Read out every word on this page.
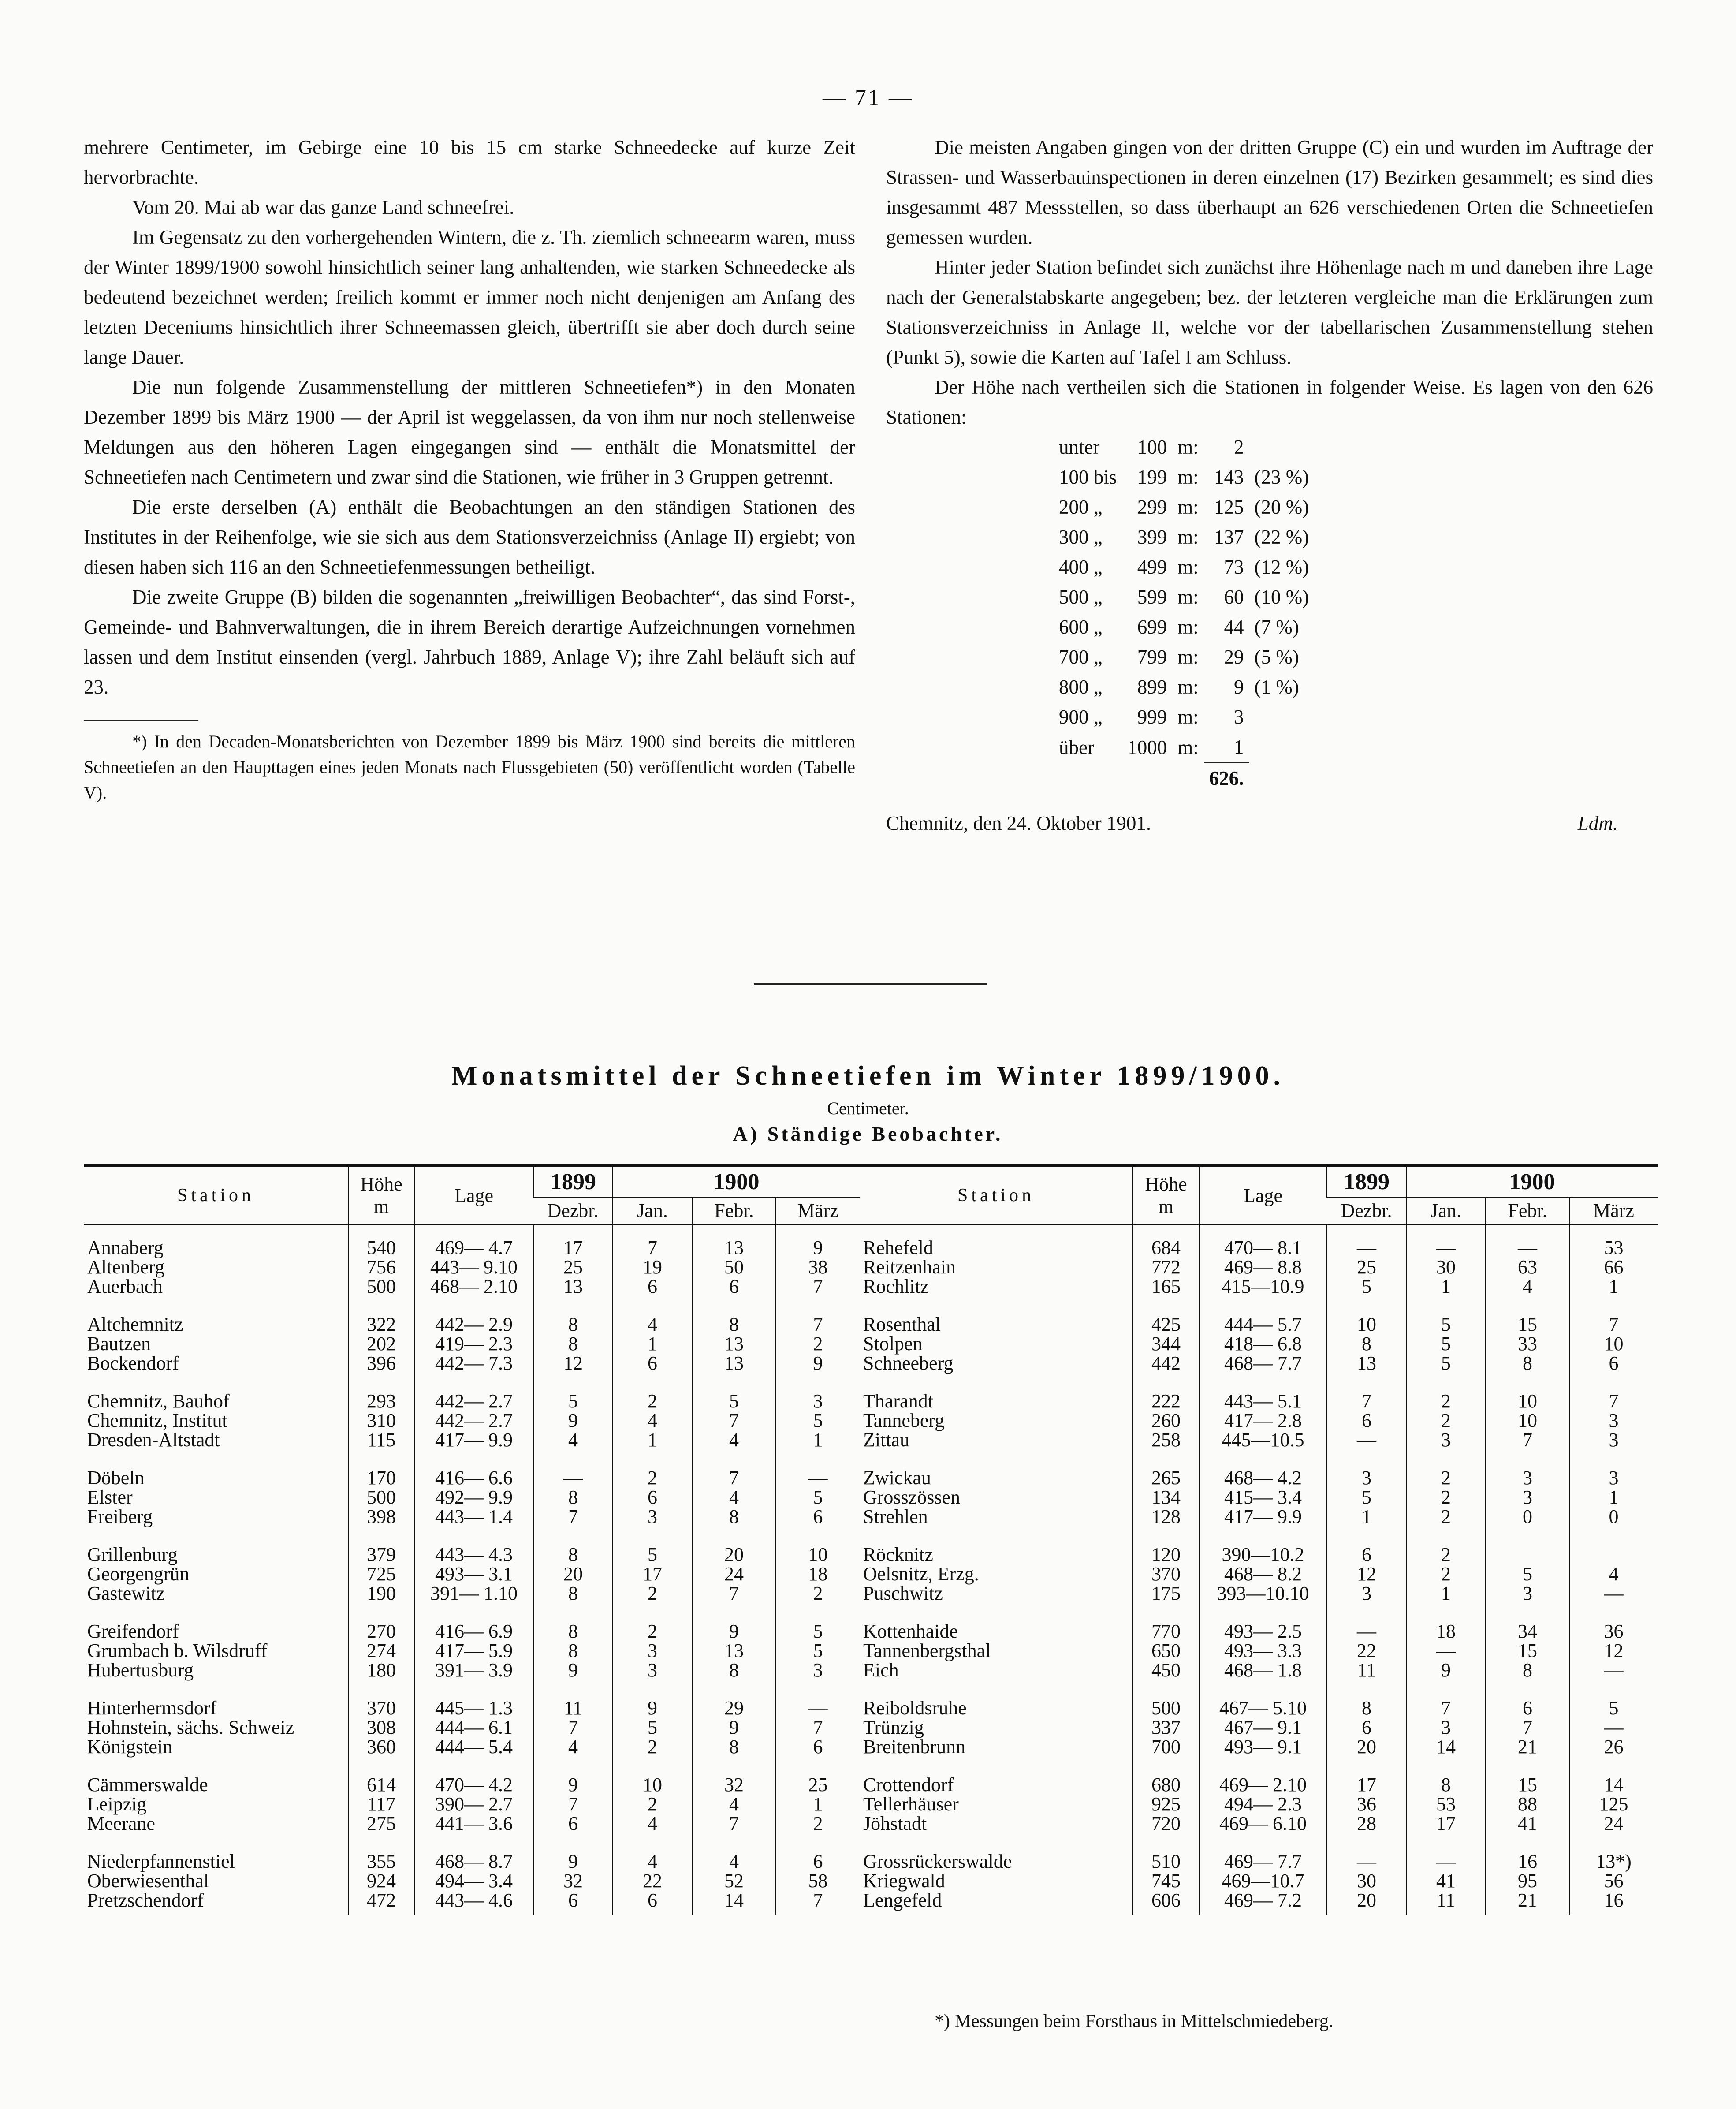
— 71 —

mehrere Centimeter, im Gebirge eine 10 bis 15 cm starke Schneedecke auf kurze Zeit hervorbrachte.

Vom 20. Mai ab war das ganze Land schneefrei.

Im Gegensatz zu den vorhergehenden Wintern, die z. Th. ziemlich schneearm waren, muss der Winter 1899/1900 sowohl hinsichtlich seiner lang anhaltenden, wie starken Schneedecke als bedeutend bezeichnet werden; freilich kommt er immer noch nicht denjenigen am Anfang des letzten Deceniums hinsichtlich ihrer Schneemassen gleich, übertrifft sie aber doch durch seine lange Dauer.

Die nun folgende Zusammenstellung der mittleren Schneetiefen*) in den Monaten Dezember 1899 bis März 1900 — der April ist weggelassen, da von ihm nur noch stellenweise Meldungen aus den höheren Lagen eingegangen sind — enthält die Monatsmittel der Schneetiefen nach Centimetern und zwar sind die Stationen, wie früher in 3 Gruppen getrennt.

Die erste derselben (A) enthält die Beobachtungen an den ständigen Stationen des Institutes in der Reihenfolge, wie sie sich aus dem Stationsverzeichniss (Anlage II) ergiebt; von diesen haben sich 116 an den Schneetiefenmessungen betheiligt.

Die zweite Gruppe (B) bilden die sogenannten „freiwilligen Beobachter“, das sind Forst-, Gemeinde- und Bahnverwaltungen, die in ihrem Bereich derartige Aufzeichnungen vornehmen lassen und dem Institut einsenden (vergl. Jahrbuch 1889, Anlage V); ihre Zahl beläuft sich auf 23.

*) In den Decaden-Monatsberichten von Dezember 1899 bis März 1900 sind bereits die mittleren Schneetiefen an den Haupttagen eines jeden Monats nach Flussgebieten (50) veröffentlicht worden (Tabelle V).

Die meisten Angaben gingen von der dritten Gruppe (C) ein und wurden im Auftrage der Strassen- und Wasserbauinspectionen in deren einzelnen (17) Bezirken gesammelt; es sind dies insgesammt 487 Messstellen, so dass überhaupt an 626 verschiedenen Orten die Schneetiefen gemessen wurden.

Hinter jeder Station befindet sich zunächst ihre Höhenlage nach m und daneben ihre Lage nach der Generalstabskarte angegeben; bez. der letzteren vergleiche man die Erklärungen zum Stationsverzeichniss in Anlage II, welche vor der tabellarischen Zusammenstellung stehen (Punkt 5), sowie die Karten auf Tafel I am Schluss.

Der Höhe nach vertheilen sich die Stationen in folgender Weise. Es lagen von den 626 Stationen:

unter	100	m:	2	
100 bis	199	m:	143	(23 %)
200 „	299	m:	125	(20 %)
300 „	399	m:	137	(22 %)
400 „	499	m:	73	(12 %)
500 „	599	m:	60	(10 %)
600 „	699	m:	44	(7 %)
700 „	799	m:	29	(5 %)
800 „	899	m:	9	(1 %)
900 „	999	m:	3	
über	1000	m:	1	
			626.	
Chemnitz, den 24. Oktober 1901.	Ldm.
Monatsmittel der Schneetiefen im Winter 1899/1900.
Centimeter.
A) Ständige Beobachter.
Station	Höhe
m	Lage	1899	1900		
			Dezbr.	Jan.	Febr.	März
Annaberg	540	469— 4.7	17	7	13	9
Altenberg	756	443— 9.10	25	19	50	38
Auerbach	500	468— 2.10	13	6	6	7

Altchemnitz	322	442— 2.9	8	4	8	7
Bautzen	202	419— 2.3	8	1	13	2
Bockendorf	396	442— 7.3	12	6	13	9

Chemnitz, Bauhof	293	442— 2.7	5	2	5	3
Chemnitz, Institut	310	442— 2.7	9	4	7	5
Dresden-Altstadt	115	417— 9.9	4	1	4	1

Döbeln	170	416— 6.6	—	2	7	—
Elster	500	492— 9.9	8	6	4	5
Freiberg	398	443— 1.4	7	3	8	6

Grillenburg	379	443— 4.3	8	5	20	10
Georgengrün	725	493— 3.1	20	17	24	18
Gastewitz	190	391— 1.10	8	2	7	2

Greifendorf	270	416— 6.9	8	2	9	5
Grumbach b. Wilsdruff	274	417— 5.9	8	3	13	5
Hubertusburg	180	391— 3.9	9	3	8	3

Hinterhermsdorf	370	445— 1.3	11	9	29	—
Hohnstein, sächs. Schweiz	308	444— 6.1	7	5	9	7
Königstein	360	444— 5.4	4	2	8	6

Cämmerswalde	614	470— 4.2	9	10	32	25
Leipzig	117	390— 2.7	7	2	4	1
Meerane	275	441— 3.6	6	4	7	2

Niederpfannenstiel	355	468— 8.7	9	4	4	6
Oberwiesenthal	924	494— 3.4	32	22	52	58
Pretzschendorf	472	443— 4.6	6	6	14	7
Station	Höhe
m	Lage	1899	1900		
			Dezbr.	Jan.	Febr.	März
Rehefeld	684	470— 8.1	—	—	—	53
Reitzenhain	772	469— 8.8	25	30	63	66
Rochlitz	165	415—10.9	5	1	4	1

Rosenthal	425	444— 5.7	10	5	15	7
Stolpen	344	418— 6.8	8	5	33	10
Schneeberg	442	468— 7.7	13	5	8	6

Tharandt	222	443— 5.1	7	2	10	7
Tanneberg	260	417— 2.8	6	2	10	3
Zittau	258	445—10.5	—	3	7	3

Zwickau	265	468— 4.2	3	2	3	3
Grosszössen	134	415— 3.4	5	2	3	1
Strehlen	128	417— 9.9	1	2	0	0

Röcknitz	120	390—10.2	6	2		
Oelsnitz, Erzg.	370	468— 8.2	12	2	5	4
Puschwitz	175	393—10.10	3	1	3	—

Kottenhaide	770	493— 2.5	—	18	34	36
Tannenbergsthal	650	493— 3.3	22	—	15	12
Eich	450	468— 1.8	11	9	8	—

Reiboldsruhe	500	467— 5.10	8	7	6	5
Trünzig	337	467— 9.1	6	3	7	—
Breitenbrunn	700	493— 9.1	20	14	21	26

Crottendorf	680	469— 2.10	17	8	15	14
Tellerhäuser	925	494— 2.3	36	53	88	125
Jöhstadt	720	469— 6.10	28	17	41	24

Grossrückerswalde	510	469— 7.7	—	—	16	13*)
Kriegwald	745	469—10.7	30	41	95	56
Lengefeld	606	469— 7.2	20	11	21	16
*) Messungen beim Forsthaus in Mittelschmiedeberg.
